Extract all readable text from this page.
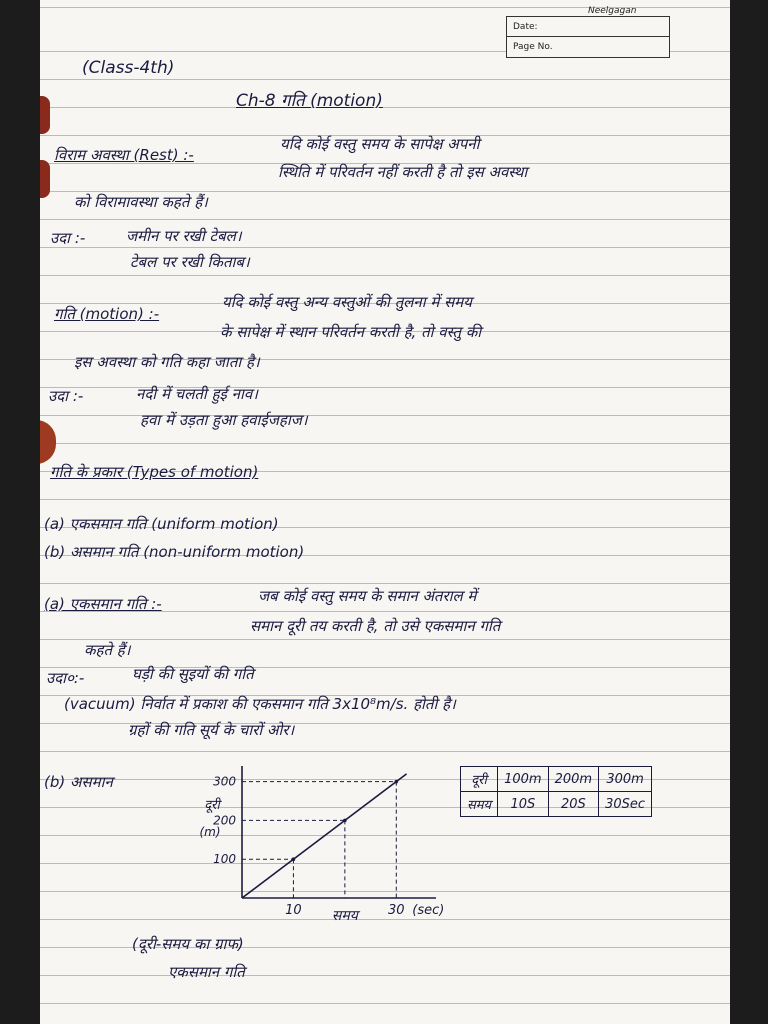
Neelgagan
Date:
Page No.
(Class-4th)
Ch-8 गति (motion)
विराम अवस्था (Rest) :-
यदि कोई वस्तु समय के सापेक्ष अपनी
स्थिति में परिवर्तन नहीं करती है तो इस अवस्था
को विरामावस्था कहते हैं।
उदा :-	जमीन पर रखी टेबल।
टेबल पर रखी किताब।
गति (motion) :-
यदि कोई वस्तु अन्य वस्तुओं की तुलना में समय
के सापेक्ष में स्थान परिवर्तन करती है, तो वस्तु की
इस अवस्था को गति कहा जाता है।
उदा :-	नदी में चलती हुई नाव।
हवा में उड़ता हुआ हवाईजहाज।
गति के प्रकार (Types of motion)
(a) एकसमान गति (uniform motion)
(b) असमान गति (non-uniform motion)
(a) एकसमान गति :-	जब कोई वस्तु समय के समान अंतराल में
समान दूरी तय करती है, तो उसे एकसमान गति
कहते हैं।
उदा०:-	घड़ी की सुइयों की गति
(vacuum) निर्वात में प्रकाश की एकसमान गति 3x10⁸m/s. होती है।
ग्रहों की गति सूर्य के चारों ओर।
(b) असमान
100
200
300
10	30
समय	(sec)
दूरी
(m)
दूरी	100m	200m	300m
समय	10S	20S	30Sec
(दूरी-समय का ग्राफ)
एकसमान गति
